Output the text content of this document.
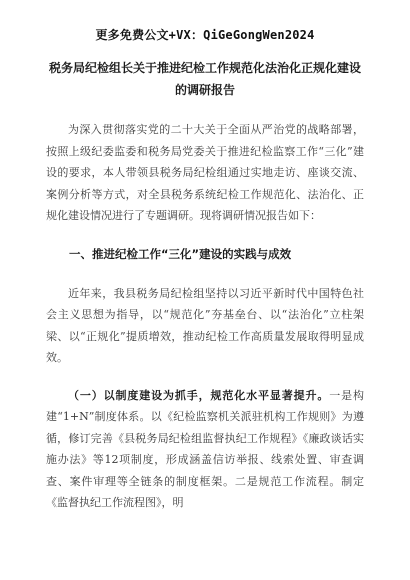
更多免费公文+VX：QiGeGongWen2024
税务局纪检组长关于推进纪检工作规范化法治化正规化建设的调研报告

为深入贯彻落实党的二十大关于全面从严治党的战略部署，按照上级纪委监委和税务局党委关于推进纪检监察工作“三化”建设的要求，本人带领县税务局纪检组通过实地走访、座谈交流、案例分析等方式，对全县税务系统纪检工作规范化、法治化、正规化建设情况进行了专题调研。现将调研情况报告如下：

一、推进纪检工作“三化”建设的实践与成效

近年来，我县税务局纪检组坚持以习近平新时代中国特色社会主义思想为指导，以“规范化”夯基垒台、以“法治化”立柱架梁、以“正规化”提质增效，推动纪检工作高质量发展取得明显成效。

（一）以制度建设为抓手，规范化水平显著提升。一是构建“1+N”制度体系。以《纪检监察机关派驻机构工作规则》为遵循，修订完善《县税务局纪检组监督执纪工作规程》《廉政谈话实施办法》等12项制度，形成涵盖信访举报、线索处置、审查调查、案件审理等全链条的制度框架。二是规范工作流程。制定《监督执纪工作流程图》，明
